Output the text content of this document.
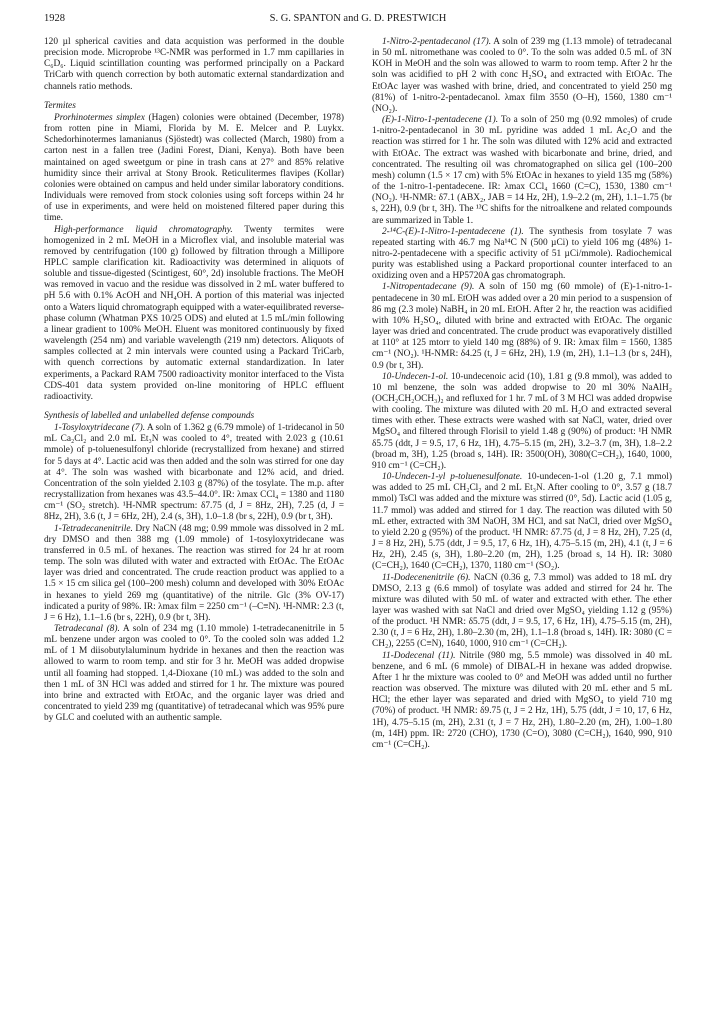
1928	S. G. SPANTON and G. D. PRESTWICH

120 µl spherical cavities and data acquistion was performed in the double precision mode. Microprobe ¹³C-NMR was performed in 1.7 mm capillaries in C₆D₆. Liquid scintillation counting was performed principally on a Packard TriCarb with quench correction by both automatic external standardization and channels ratio methods.

Termites

Prorhinotermes simplex (Hagen) colonies were obtained (December, 1978) from rotten pine in Miami, Florida by M. E. Melcer and P. Luykx. Schedorhinotermes lamanianus (Sjöstedt) was collected (March, 1980) from a carton nest in a fallen tree (Jadini Forest, Diani, Kenya). Both have been maintained on aged sweetgum or pine in trash cans at 27° and 85% relative humidity since their arrival at Stony Brook. Reticulitermes flavipes (Kollar) colonies were obtained on campus and held under similar laboratory conditions. Individuals were removed from stock colonies using soft forceps within 24 hr of use in experiments, and were held on moistened filtered paper during this time.

High-performance liquid chromatography. Twenty termites were homogenized in 2 mL MeOH in a Microflex vial, and insoluble material was removed by centrifugation (100 g) followed by filtration through a Millipore HPLC sample clarification kit. Radioactivity was determined in aliquots of soluble and tissue-digested (Scintigest, 60°, 2d) insoluble fractions. The MeOH was removed in vacuo and the residue was dissolved in 2 mL water buffered to pH 5.6 with 0.1% AcOH and NH₄OH. A portion of this material was injected onto a Waters liquid chromatograph equipped with a water-equilibrated reverse-phase column (Whatman PXS 10/25 ODS) and eluted at 1.5 mL/min following a linear gradient to 100% MeOH. Eluent was monitored continuously by fixed wavelength (254 nm) and variable wavelength (219 nm) detectors. Aliquots of samples collected at 2 min intervals were counted using a Packard TriCarb, with quench corrections by automatic external standardization. In later experiments, a Packard RAM 7500 radioactivity monitor interfaced to the Vista CDS-401 data system provided on-line monitoring of HPLC effluent radioactivity.

Synthesis of labelled and unlabelled defense compounds

1-Tosyloxytridecane (7). A soln of 1.362 g (6.79 mmole) of 1-tridecanol in 50 mL Ca₂Cl₂ and 2.0 mL Et₃N was cooled to 4°, treated with 2.023 g (10.61 mmole) of p-toluenesulfonyl chloride (recrystallized from hexane) and stirred for 5 days at 4°. Lactic acid was then added and the soln was stirred for one day at 4°. The soln was washed with bicarbonate and 12% acid, and dried. Concentration of the soln yielded 2.103 g (87%) of the tosylate. The m.p. after recrystallization from hexanes was 43.5–44.0°. IR: λmax CCl₄ = 1380 and 1180 cm⁻¹ (SO₂ stretch). ¹H-NMR spectrum: δ7.75 (d, J = 8Hz, 2H), 7.25 (d, J = 8Hz, 2H), 3.6 (t, J = 6Hz, 2H), 2.4 (s, 3H), 1.0–1.8 (br s, 22H), 0.9 (br t, 3H).

1-Tetradecanenitrile. Dry NaCN (48 mg; 0.99 mmole was dissolved in 2 mL dry DMSO and then 388 mg (1.09 mmole) of 1-tosyloxytridecane was transferred in 0.5 mL of hexanes. The reaction was stirred for 24 hr at room temp. The soln was diluted with water and extracted with EtOAc. The EtOAc layer was dried and concentrated. The crude reaction product was applied to a 1.5 × 15 cm silica gel (100–200 mesh) column and developed with 30% EtOAc in hexanes to yield 269 mg (quantitative) of the nitrile. Glc (3% OV-17) indicated a purity of 98%. IR: λmax film = 2250 cm⁻¹ (–C≡N). ¹H-NMR: 2.3 (t, J = 6 Hz), 1.1–1.6 (br s, 22H), 0.9 (br t, 3H).

Tetradecanal (8). A soln of 234 mg (1.10 mmole) 1-tetradecanenitrile in 5 mL benzene under argon was cooled to 0°. To the cooled soln was added 1.2 mL of 1 M diisobutylaluminum hydride in hexanes and then the reaction was allowed to warm to room temp. and stir for 3 hr. MeOH was added dropwise until all foaming had stopped. 1,4-Dioxane (10 mL) was added to the soln and then 1 mL of 3N HCl was added and stirred for 1 hr. The mixture was poured into brine and extracted with EtOAc, and the organic layer was dried and concentrated to yield 239 mg (quantitative) of tetradecanal which was 95% pure by GLC and coeluted with an authentic sample.

1-Nitro-2-pentadecanol (17). A soln of 239 mg (1.13 mmole) of tetradecanal in 50 mL nitromethane was cooled to 0°. To the soln was added 0.5 mL of 3N KOH in MeOH and the soln was allowed to warm to room temp. After 2 hr the soln was acidified to pH 2 with conc H₂SO₄ and extracted with EtOAc. The EtOAc layer was washed with brine, dried, and concentrated to yield 250 mg (81%) of 1-nitro-2-pentadecanol. λmax film 3550 (O–H), 1560, 1380 cm⁻¹ (NO₂).

(E)-1-Nitro-1-pentadecene (1). To a soln of 250 mg (0.92 mmoles) of crude 1-nitro-2-pentadecanol in 30 mL pyridine was added 1 mL Ac₂O and the reaction was stirred for 1 hr. The soln was diluted with 12% acid and extracted with EtOAc. The extract was washed with bicarbonate and brine, dried, and concentrated. The resulting oil was chromatographed on silica gel (100–200 mesh) column (1.5 × 17 cm) with 5% EtOAc in hexanes to yield 135 mg (58%) of the 1-nitro-1-pentadecene. IR: λmax CCl₄ 1660 (C=C), 1530, 1380 cm⁻¹ (NO₂). ¹H-NMR: δ7.1 (ABX₂, JAB = 14 Hz, 2H), 1.9–2.2 (m, 2H), 1.1–1.75 (br s, 22H), 0.9 (br t, 3H). The ¹³C shifts for the nitroalkene and related compounds are summarized in Table 1.

2-¹⁴C-(E)-1-Nitro-1-pentadecene (1). The synthesis from tosylate 7 was repeated starting with 46.7 mg Na¹⁴C N (500 µCi) to yield 106 mg (48%) 1-nitro-2-pentadecene with a specific activity of 51 µCi/mmole). Radiochemical purity was established using a Packard proportional counter interfaced to an oxidizing oven and a HP5720A gas chromatograph.

1-Nitropentadecane (9). A soln of 150 mg (60 mmole) of (E)-1-nitro-1-pentadecene in 30 mL EtOH was added over a 20 min period to a suspension of 86 mg (2.3 mole) NaBH₄ in 20 mL EtOH. After 2 hr, the reaction was acidified with 10% H₂SO₄, diluted with brine and extracted with EtOAc. The organic layer was dried and concentrated. The crude product was evaporatively distilled at 110° at 125 mtorr to yield 140 mg (88%) of 9. IR: λmax film = 1560, 1385 cm⁻¹ (NO₂). ¹H-NMR: δ4.25 (t, J = 6Hz, 2H), 1.9 (m, 2H), 1.1–1.3 (br s, 24H), 0.9 (br t, 3H).

10-Undecen-1-ol. 10-undecenoic acid (10), 1.81 g (9.8 mmol), was added to 10 ml benzene, the soln was added dropwise to 20 ml 30% NaAlH₂ (OCH₂CH₂OCH₃)₂ and refluxed for 1 hr. 7 mL of 3 M HCl was added dropwise with cooling. The mixture was diluted with 20 mL H₂O and extracted several times with ether. These extracts were washed with sat NaCl, water, dried over MgSO₄ and filtered through Florisil to yield 1.48 g (90%) of product: ¹H NMR δ5.75 (ddt, J = 9.5, 17, 6 Hz, 1H), 4.75–5.15 (m, 2H), 3.2–3.7 (m, 3H), 1.8–2.2 (broad m, 3H), 1.25 (broad s, 14H). IR: 3500(OH), 3080(C=CH₂), 1640, 1000, 910 cm⁻¹ (C=CH₂).

10-Undecen-1-yl p-toluenesulfonate. 10-undecen-1-ol (1.20 g, 7.1 mmol) was added to 25 mL CH₂Cl₂ and 2 mL Et₃N. After cooling to 0°, 3.57 g (18.7 mmol) TsCl was added and the mixture was stirred (0°, 5d). Lactic acid (1.05 g, 11.7 mmol) was added and stirred for 1 day. The reaction was diluted with 50 mL ether, extracted with 3M NaOH, 3M HCl, and sat NaCl, dried over MgSO₄ to yield 2.20 g (95%) of the product. ¹H NMR: δ7.75 (d, J = 8 Hz, 2H), 7.25 (d, J = 8 Hz, 2H), 5.75 (ddt, J = 9.5, 17, 6 Hz, 1H), 4.75–5.15 (m, 2H), 4.1 (t, J = 6 Hz, 2H), 2.45 (s, 3H), 1.80–2.20 (m, 2H), 1.25 (broad s, 14 H). IR: 3080 (C=CH₂), 1640 (C=CH₂), 1370, 1180 cm⁻¹ (SO₂).

11-Dodecenenitrile (6). NaCN (0.36 g, 7.3 mmol) was added to 18 mL dry DMSO, 2.13 g (6.6 mmol) of tosylate was added and stirred for 24 hr. The mixture was diluted with 50 mL of water and extracted with ether. The ether layer was washed with sat NaCl and dried over MgSO₄ yielding 1.12 g (95%) of the product. ¹H NMR: δ5.75 (ddt, J = 9.5, 17, 6 Hz, 1H), 4.75–5.15 (m, 2H), 2.30 (t, J = 6 Hz, 2H), 1.80–2.30 (m, 2H), 1.1–1.8 (broad s, 14H). IR: 3080 (C = CH₂), 2255 (C≡N), 1640, 1000, 910 cm⁻¹ (C=CH₂).

11-Dodecenal (11). Nitrile (980 mg, 5.5 mmole) was dissolved in 40 mL benzene, and 6 mL (6 mmole) of DIBAL-H in hexane was added dropwise. After 1 hr the mixture was cooled to 0° and MeOH was added until no further reaction was observed. The mixture was diluted with 20 mL ether and 5 mL HCl; the ether layer was separated and dried with MgSO₄ to yield 710 mg (70%) of product. ¹H NMR: δ9.75 (t, J = 2 Hz, 1H), 5.75 (ddt, J = 10, 17, 6 Hz, 1H), 4.75–5.15 (m, 2H), 2.31 (t, J = 7 Hz, 2H), 1.80–2.20 (m, 2H), 1.00–1.80 (m, 14H) ppm. IR: 2720 (CHO), 1730 (C=O), 3080 (C=CH₂), 1640, 990, 910 cm⁻¹ (C=CH₂).
